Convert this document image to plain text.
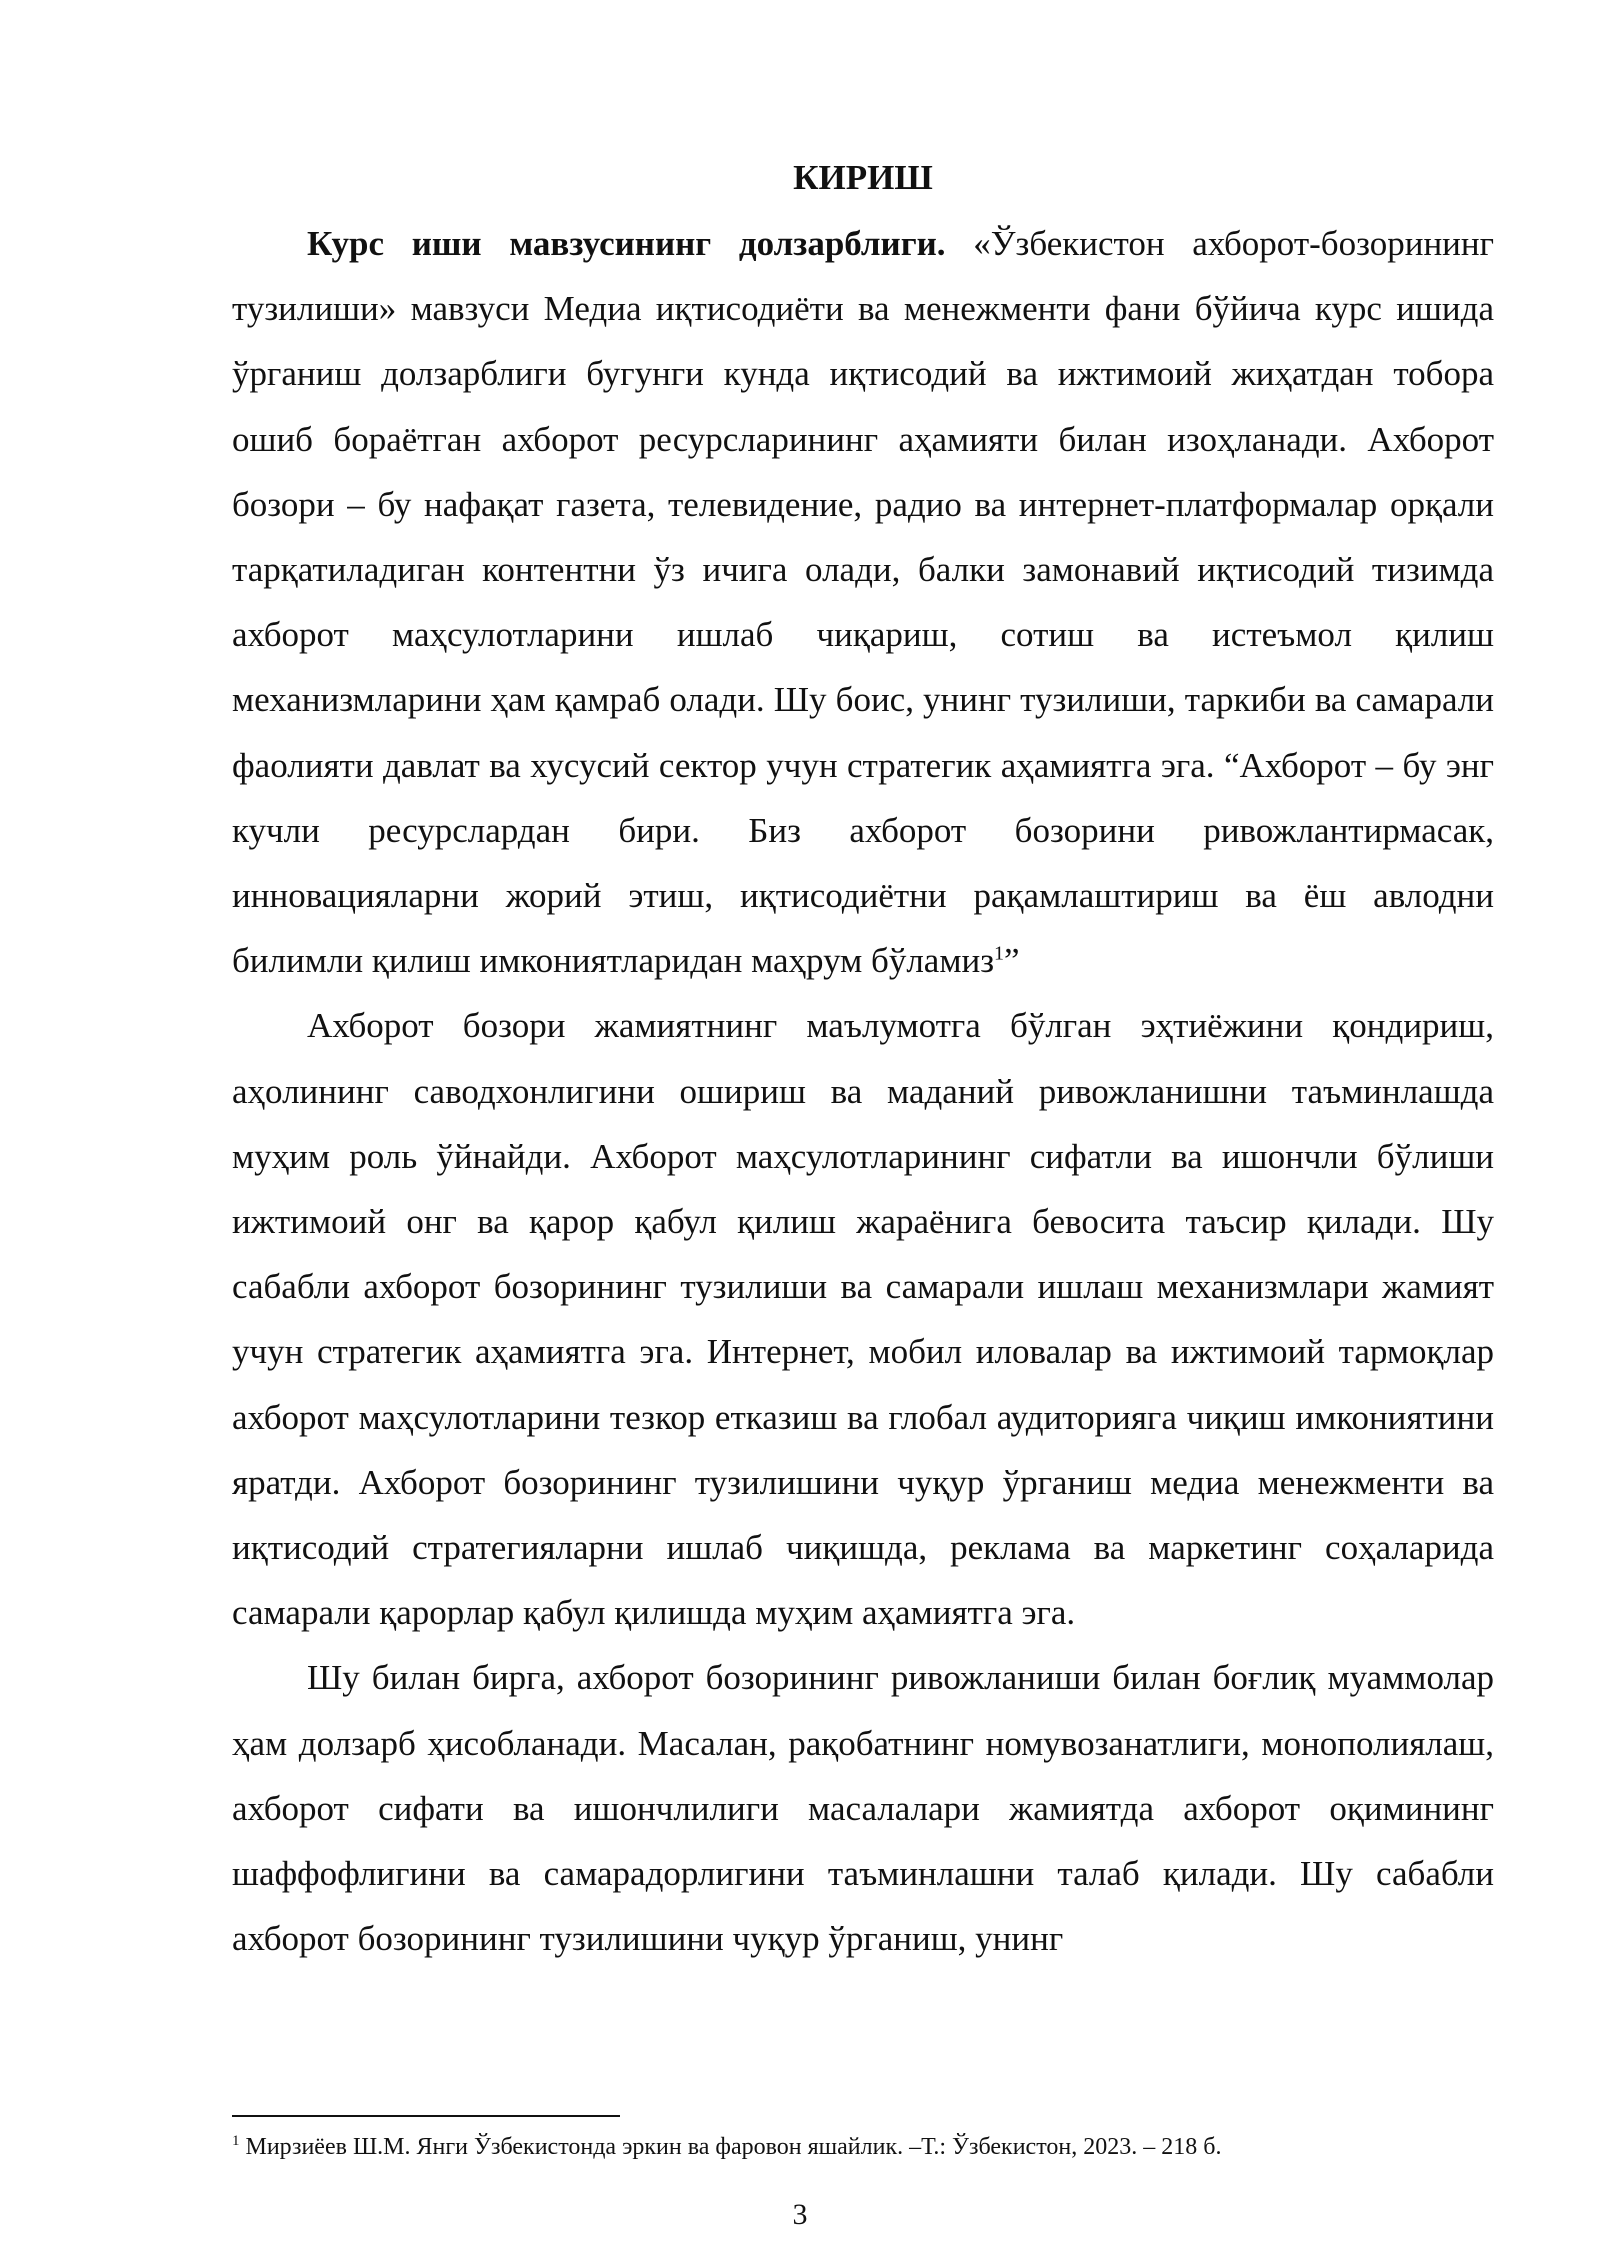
КИРИШ

Курс иши мавзусининг долзарблиги. «Ўзбекистон ахборот-бозорининг тузилиши» мавзуси Медиа иқтисодиёти ва менежменти фани бўйича курс ишида ўрганиш долзарблиги бугунги кунда иқтисодий ва ижтимоий жиҳатдан тобора ошиб бораётган ахборот ресурсларининг аҳамияти билан изоҳланади. Ахборот бозори – бу нафақат газета, телевидение, радио ва интернет-платформалар орқали тарқатиладиган контентни ўз ичига олади, балки замонавий иқтисодий тизимда ахборот маҳсулотларини ишлаб чиқариш, сотиш ва истеъмол қилиш механизмларини ҳам қамраб олади. Шу боис, унинг тузилиши, таркиби ва самарали фаолияти давлат ва хусусий сектор учун стратегик аҳамиятга эга. “Ахборот – бу энг кучли ресурслардан бири. Биз ахборот бозорини ривожлантирмасак, инновацияларни жорий этиш, иқтисодиётни рақамлаштириш ва ёш авлодни билимли қилиш имкониятларидан маҳрум бўламиз$^1$”

Ахборот бозори жамиятнинг маълумотга бўлган эҳтиёжини қондириш, аҳолининг саводхонлигини ошириш ва маданий ривожланишни таъминлашда муҳим роль ўйнайди. Ахборот маҳсулотларининг сифатли ва ишончли бўлиши ижтимоий онг ва қарор қабул қилиш жараёнига бевосита таъсир қилади. Шу сабабли ахборот бозорининг тузилиши ва самарали ишлаш механизмлари жамият учун стратегик аҳамиятга эга. Интернет, мобил иловалар ва ижтимоий тармоқлар ахборот маҳсулотларини тезкор етказиш ва глобал аудиторияга чиқиш имкониятини яратди. Ахборот бозорининг тузилишини чуқур ўрганиш медиа менежменти ва иқтисодий стратегияларни ишлаб чиқишда, реклама ва маркетинг соҳаларида самарали қарорлар қабул қилишда муҳим аҳамиятга эга.

Шу билан бирга, ахборот бозорининг ривожланиши билан боғлиқ муаммолар ҳам долзарб ҳисобланади. Масалан, рақобатнинг номувозанатлиги, монополиялаш, ахборот сифати ва ишончлилиги масалалари жамиятда ахборот оқимининг шаффофлигини ва самарадорлигини таъминлашни талаб қилади. Шу сабабли ахборот бозорининг тузилишини чуқур ўрганиш, унинг

$^1$ Мирзиёев Ш.М. Янги Ўзбекистонда эркин ва фаровон яшайлик. –Т.: Ўзбекистон, 2023. – 218 б.
3
